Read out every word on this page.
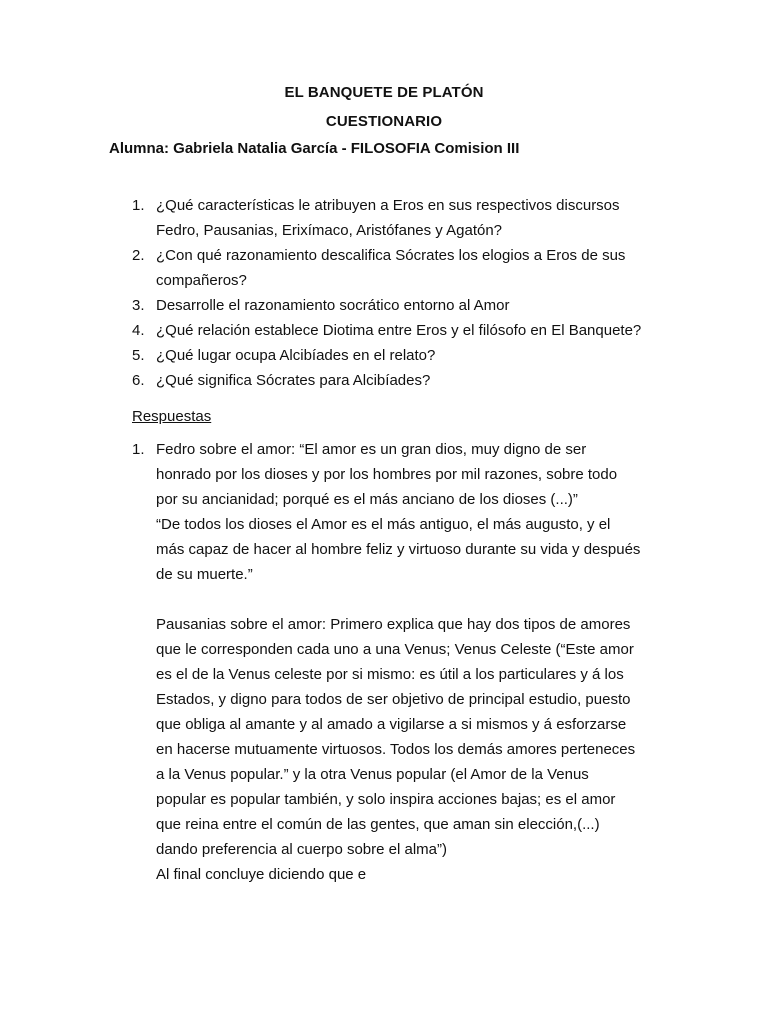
EL BANQUETE DE PLATÓN
CUESTIONARIO
Alumna: Gabriela Natalia García - FILOSOFIA Comision III
1. ¿Qué características le atribuyen a Eros en sus respectivos discursos
Fedro, Pausanias, Erixímaco, Aristófanes y Agatón?
2. ¿Con qué razonamiento descalifica Sócrates los elogios a Eros de sus
compañeros?
3. Desarrolle el razonamiento socrático entorno al Amor
4. ¿Qué relación establece Diotima entre Eros y el filósofo en El Banquete?
5. ¿Qué lugar ocupa Alcibíades en el relato?
6. ¿Qué significa Sócrates para Alcibíades?
Respuestas
1. Fedro sobre el amor: “El amor es un gran dios, muy digno de ser
honrado por los dioses y por los hombres por mil razones, sobre todo
por su ancianidad; porqué es el más anciano de los dioses (...)”
“De todos los dioses el Amor es el más antiguo, el más augusto, y el
más capaz de hacer al hombre feliz y virtuoso durante su vida y después
de su muerte.”

Pausanias sobre el amor: Primero explica que hay dos tipos de amores
que le corresponden cada uno a una Venus; Venus Celeste (“Este amor
es el de la Venus celeste por si mismo: es útil a los particulares y á los
Estados, y digno para todos de ser objetivo de principal estudio, puesto
que obliga al amante y al amado a vigilarse a si mismos y á esforzarse
en hacerse mutuamente virtuosos. Todos los demás amores perteneces
a la Venus popular.” y la otra Venus popular (el Amor de la Venus
popular es popular también, y solo inspira acciones bajas; es el amor
que reina entre el común de las gentes, que aman sin elección,(...)
dando preferencia al cuerpo sobre el alma”)
Al final concluye diciendo que e
